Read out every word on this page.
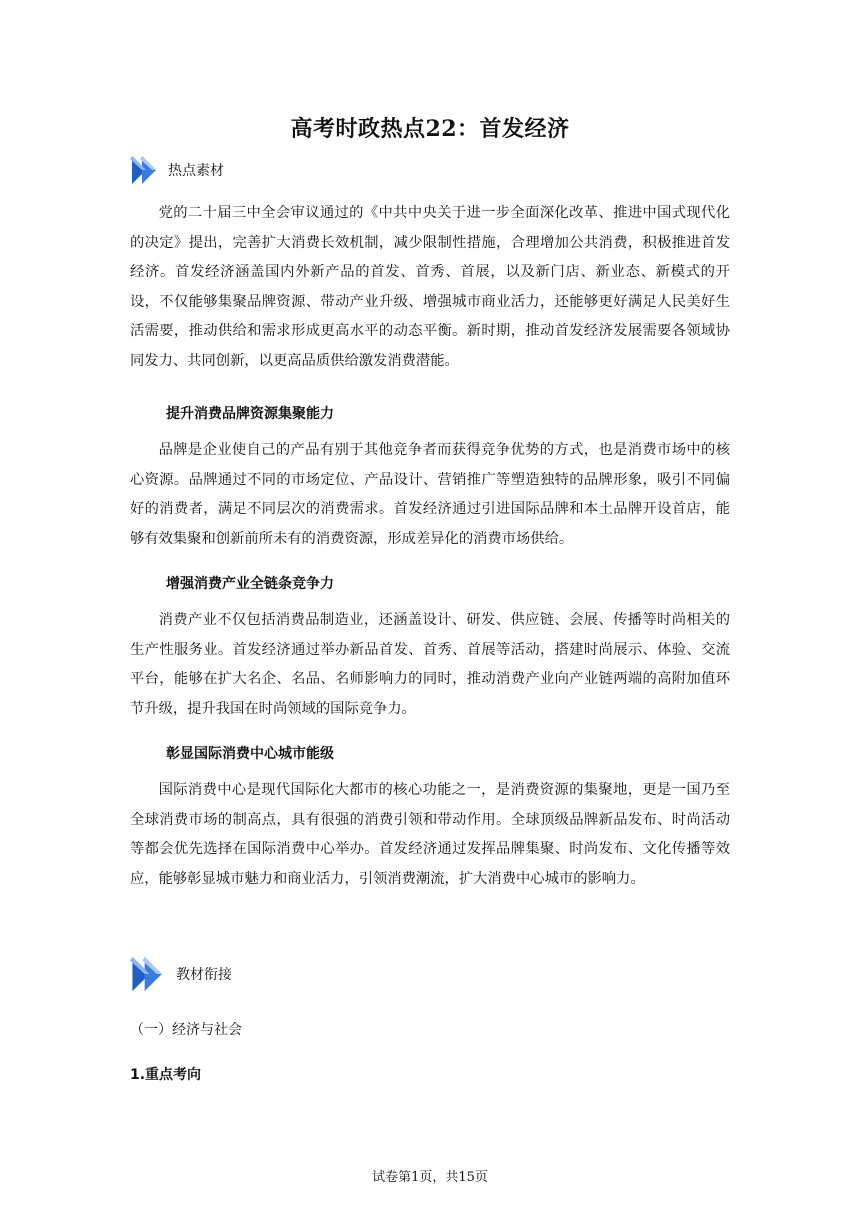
高考时政热点22：首发经济
热点素材

党的二十届三中全会审议通过的《中共中央关于进一步全面深化改革、推进中国式现代化的决定》提出，完善扩大消费长效机制，减少限制性措施，合理增加公共消费，积极推进首发经济。首发经济涵盖国内外新产品的首发、首秀、首展，以及新门店、新业态、新模式的开设，不仅能够集聚品牌资源、带动产业升级、增强城市商业活力，还能够更好满足人民美好生活需要，推动供给和需求形成更高水平的动态平衡。新时期，推动首发经济发展需要各领域协同发力、共同创新，以更高品质供给激发消费潜能。

提升消费品牌资源集聚能力

品牌是企业使自己的产品有别于其他竞争者而获得竞争优势的方式，也是消费市场中的核心资源。品牌通过不同的市场定位、产品设计、营销推广等塑造独特的品牌形象，吸引不同偏好的消费者，满足不同层次的消费需求。首发经济通过引进国际品牌和本土品牌开设首店，能够有效集聚和创新前所未有的消费资源，形成差异化的消费市场供给。

增强消费产业全链条竞争力

消费产业不仅包括消费品制造业，还涵盖设计、研发、供应链、会展、传播等时尚相关的生产性服务业。首发经济通过举办新品首发、首秀、首展等活动，搭建时尚展示、体验、交流平台，能够在扩大名企、名品、名师影响力的同时，推动消费产业向产业链两端的高附加值环节升级，提升我国在时尚领域的国际竞争力。

彰显国际消费中心城市能级

国际消费中心是现代国际化大都市的核心功能之一，是消费资源的集聚地，更是一国乃至全球消费市场的制高点，具有很强的消费引领和带动作用。全球顶级品牌新品发布、时尚活动等都会优先选择在国际消费中心举办。首发经济通过发挥品牌集聚、时尚发布、文化传播等效应，能够彰显城市魅力和商业活力，引领消费潮流，扩大消费中心城市的影响力。

教材衔接
（一）经济与社会
1.重点考向
试卷第1页，共15页
